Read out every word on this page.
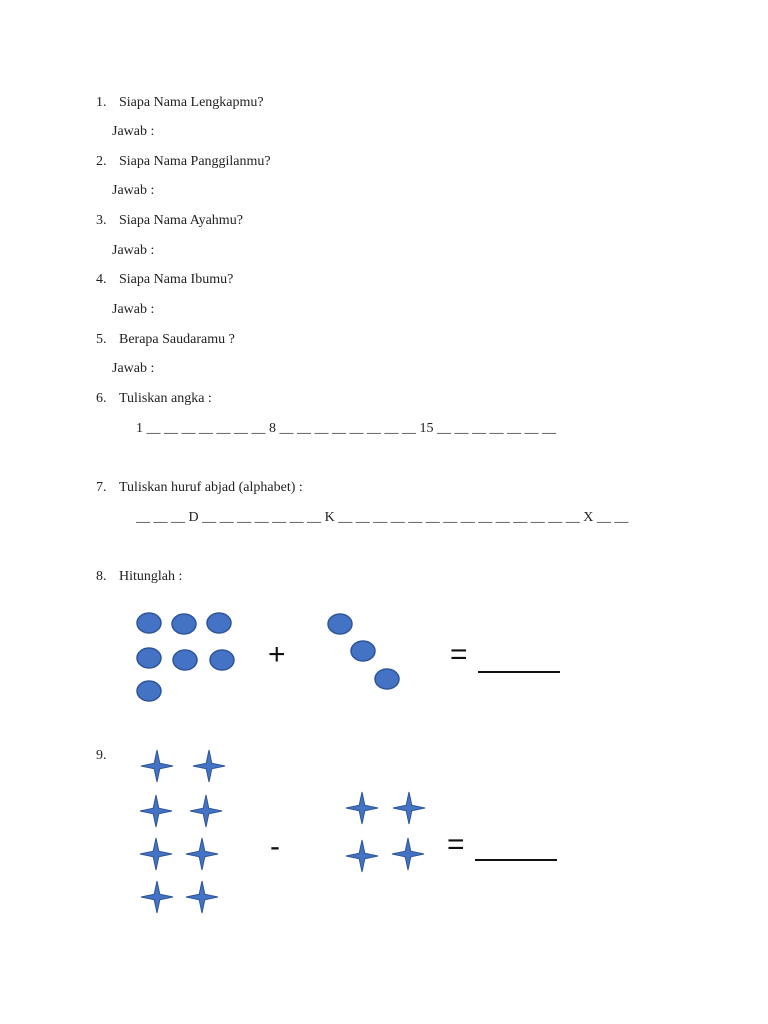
1. Siapa Nama Lengkapmu?
Jawab :
2. Siapa Nama Panggilanmu?
Jawab :
3. Siapa Nama Ayahmu?
Jawab :
4. Siapa Nama Ibumu?
Jawab :
5. Berapa Saudaramu ?
Jawab :
6. Tuliskan angka :
1 __ __ __ __ __ __ __ 8 __ __ __ __ __ __ __ __ 15 __ __ __ __ __ __ __
7. Tuliskan huruf abjad (alphabet) :
__ __ __ D __ __ __ __ __ __ __ K __ __ __ __ __ __ __ __ __ __ __ __ __ __ X __ __
8. Hitunglah :
+	=
9.
-	=
